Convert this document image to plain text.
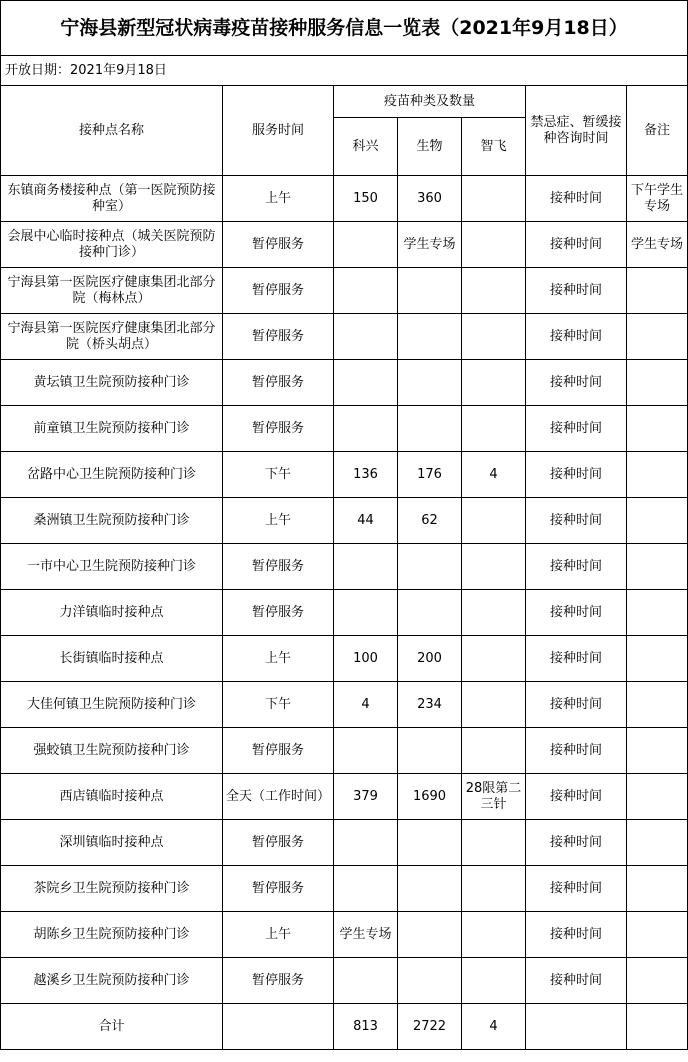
宁海县新型冠状病毒疫苗接种服务信息一览表（2021年9月18日）						
开放日期：2021年9月18日						
接种点名称	服务时间	疫苗种类及数量			禁忌症、暂缓接种咨询时间	备注
		科兴	生物	智飞		
东镇商务楼接种点（第一医院预防接种室）	上午	150	360		接种时间	下午学生专场
会展中心临时接种点（城关医院预防接种门诊）	暂停服务		学生专场		接种时间	学生专场
宁海县第一医院医疗健康集团北部分院（梅林点）	暂停服务				接种时间	
宁海县第一医院医疗健康集团北部分院（桥头胡点）	暂停服务				接种时间	
黄坛镇卫生院预防接种门诊	暂停服务				接种时间	
前童镇卫生院预防接种门诊	暂停服务				接种时间	
岔路中心卫生院预防接种门诊	下午	136	176	4	接种时间	
桑洲镇卫生院预防接种门诊	上午	44	62		接种时间	
一市中心卫生院预防接种门诊	暂停服务				接种时间	
力洋镇临时接种点	暂停服务				接种时间	
长街镇临时接种点	上午	100	200		接种时间	
大佳何镇卫生院预防接种门诊	下午	4	234		接种时间	
强蛟镇卫生院预防接种门诊	暂停服务				接种时间	
西店镇临时接种点	全天（工作时间）	379	1690	28限第二三针	接种时间	
深圳镇临时接种点	暂停服务				接种时间	
茶院乡卫生院预防接种门诊	暂停服务				接种时间	
胡陈乡卫生院预防接种门诊	上午	学生专场			接种时间	
越溪乡卫生院预防接种门诊	暂停服务				接种时间	
合计		813	2722	4		
